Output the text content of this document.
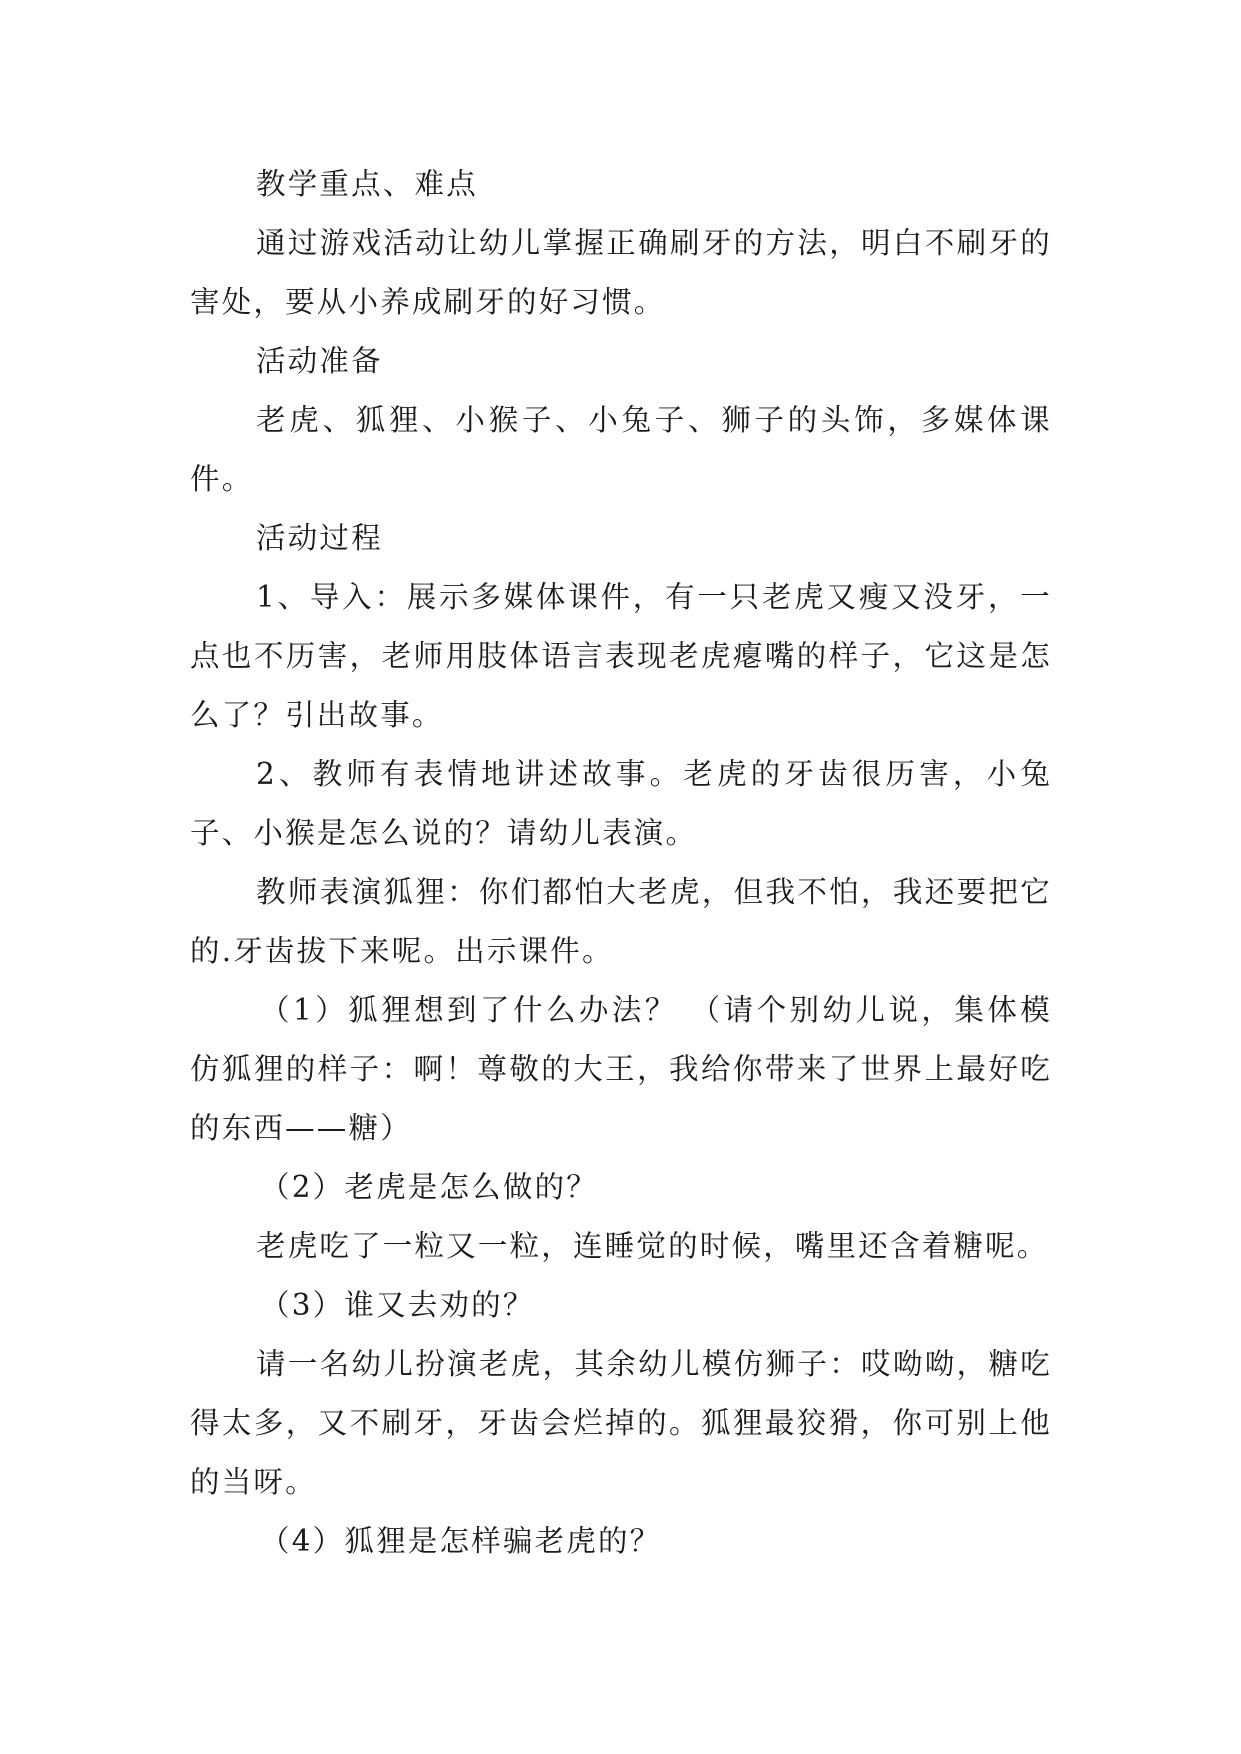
教学重点、难点

通过游戏活动让幼儿掌握正确刷牙的方法，明白不刷牙的害处，要从小养成刷牙的好习惯。

活动准备

老虎、狐狸、小猴子、小兔子、狮子的头饰，多媒体课件。

活动过程

1、导入：展示多媒体课件，有一只老虎又瘦又没牙，一点也不历害，老师用肢体语言表现老虎瘪嘴的样子，它这是怎么了？引出故事。

2、教师有表情地讲述故事。老虎的牙齿很历害，小兔子、小猴是怎么说的？请幼儿表演。

教师表演狐狸：你们都怕大老虎，但我不怕，我还要把它的.牙齿拔下来呢。出示课件。

（1）狐狸想到了什么办法？ （请个别幼儿说，集体模仿狐狸的样子：啊！尊敬的大王，我给你带来了世界上最好吃的东西——糖）

（2）老虎是怎么做的？

老虎吃了一粒又一粒，连睡觉的时候，嘴里还含着糖呢。

（3）谁又去劝的？

请一名幼儿扮演老虎，其余幼儿模仿狮子：哎呦呦，糖吃得太多，又不刷牙，牙齿会烂掉的。狐狸最狡猾，你可别上他的当呀。

（4）狐狸是怎样骗老虎的？
